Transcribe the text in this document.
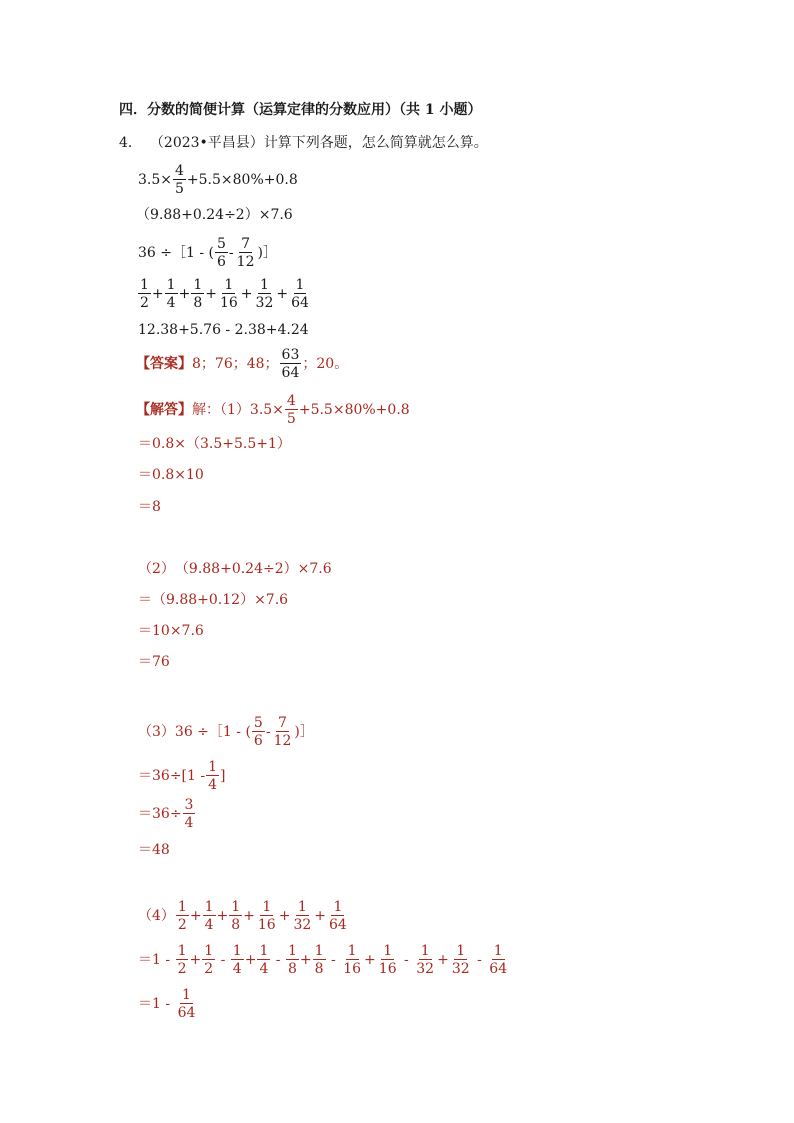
四．分数的简便计算（运算定律的分数应用）（共 1 小题）
4． （2023•平昌县） 计算下列各题，怎么简算就怎么算。
$3.5\times \frac{4}{5} +5.5\times 80\%+0.8$
（9.88+0.24÷2）×7.6
36 ÷［1 - ( $\frac{5}{6} - \frac{7}{12}$ )］
$\frac{1}{2} + \frac{1}{4} + \frac{1}{8} + \frac{1}{16} + \frac{1}{32} + \frac{1}{64}$
12.38+5.76 - 2.38+4.24
【答案】 8；76；48； $\frac{63}{64}$ ；20。
【解答】 解：（1） $3.5\times \frac{4}{5} +5.5\times 80\%+0.8$
＝0.8×（3.5+5.5+1）
＝0.8×10
＝8
（2） （9.88+0.24÷2）×7.6
＝（9.88+0.12）×7.6
＝10×7.6
＝76
（3） 36 ÷［1 - ( $\frac{5}{6} - \frac{7}{12}$ )］
$=36\div[1 - \frac{1}{4}$ ]
$=36\div \frac{3}{4}$
＝48
$(4) \frac{1}{2} + \frac{1}{4} + \frac{1}{8} + \frac{1}{16} + \frac{1}{32} + \frac{1}{64}$
＝ $1 - \frac{1}{2} + \frac{1}{2} - \frac{1}{4} + \frac{1}{4} - \frac{1}{8} + \frac{1}{8} - \frac{1}{16} + \frac{1}{16} - \frac{1}{32} + \frac{1}{32} - \frac{1}{64}$
＝ $1 - \frac{1}{64}$
